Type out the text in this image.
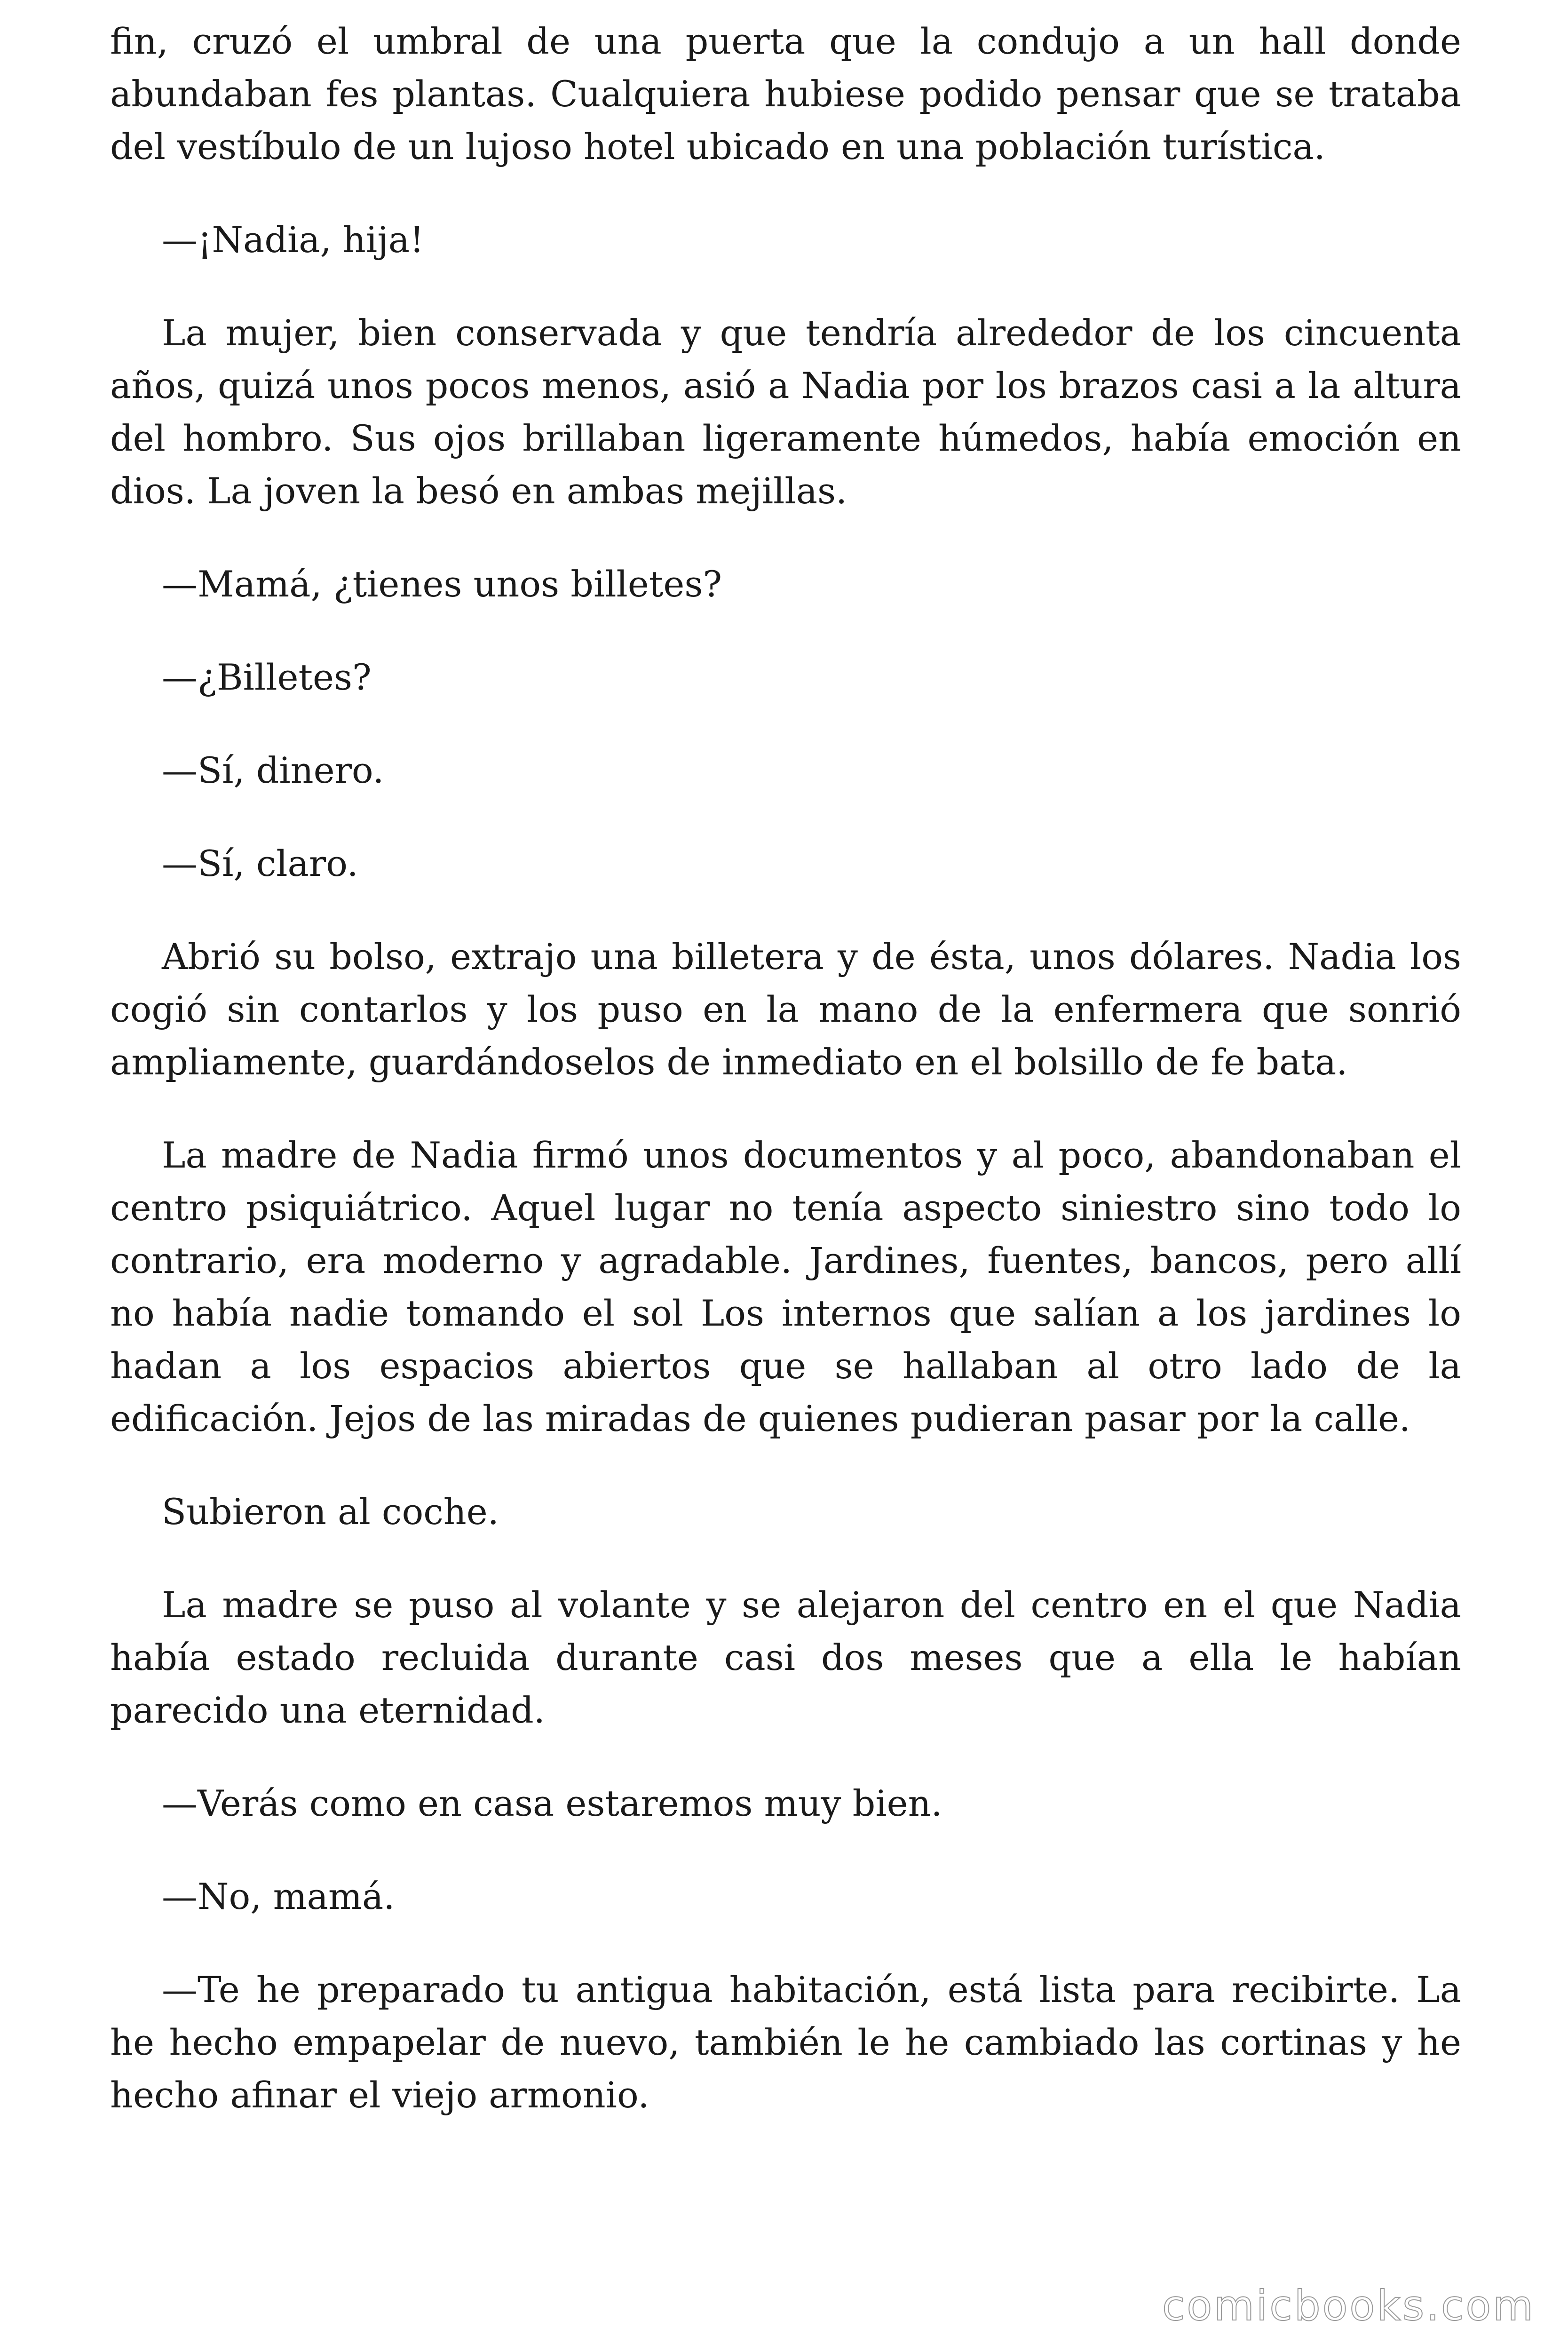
fin, cruzó el umbral de una puerta que la condujo a un hall donde abundaban fes plantas. Cualquiera hubiese podido pensar que se trataba del vestíbulo de un lujoso hotel ubicado en una población turística.

—¡Nadia, hija!

La mujer, bien conservada y que tendría alrededor de los cincuenta años, quizá unos pocos menos, asió a Nadia por los brazos casi a la altura del hombro. Sus ojos brillaban ligeramente húmedos, había emoción en dios. La joven la besó en ambas mejillas.

—Mamá, ¿tienes unos billetes?

—¿Billetes?

—Sí, dinero.

—Sí, claro.

Abrió su bolso, extrajo una billetera y de ésta, unos dólares. Nadia los cogió sin contarlos y los puso en la mano de la enfermera que sonrió ampliamente, guardándoselos de inmediato en el bolsillo de fe bata.

La madre de Nadia firmó unos documentos y al poco, abandonaban el centro psiquiátrico. Aquel lugar no tenía aspecto siniestro sino todo lo contrario, era moderno y agradable. Jardines, fuentes, bancos, pero allí no había nadie tomando el sol Los internos que salían a los jardines lo hadan a los espacios abiertos que se hallaban al otro lado de la edificación. Jejos de las miradas de quienes pudieran pasar por la calle.

Subieron al coche.

La madre se puso al volante y se alejaron del centro en el que Nadia había estado recluida durante casi dos meses que a ella le habían parecido una eternidad.

—Verás como en casa estaremos muy bien.

—No, mamá.

—Te he preparado tu antigua habitación, está lista para recibirte. La he hecho empapelar de nuevo, también le he cambiado las cortinas y he hecho afinar el viejo armonio.

comicbooks.com
